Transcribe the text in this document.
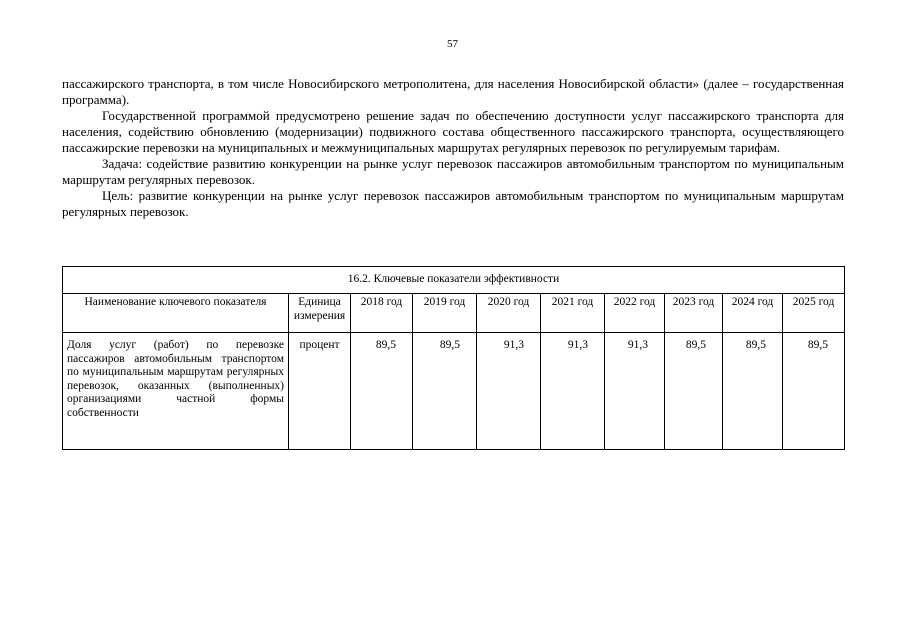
57

пассажирского транспорта, в том числе Новосибирского метрополитена, для населения Новосибирской области» (далее – государственная программа).

Государственной программой предусмотрено решение задач по обеспечению доступности услуг пассажирского транспорта для населения, содействию обновлению (модернизации) подвижного состава общественного пассажирского транспорта, осуществляющего пассажирские перевозки на муниципальных и межмуниципальных маршрутах регулярных перевозок по регулируемым тарифам.

Задача: содействие развитию конкуренции на рынке услуг перевозок пассажиров автомобильным транспортом по муниципальным маршрутам регулярных перевозок.

Цель: развитие конкуренции на рынке услуг перевозок пассажиров автомобильным транспортом по муниципальным маршрутам регулярных перевозок.

16.2. Ключевые показатели эффективности									
Наименование ключевого показателя	Единица измерения	2018 год	2019 год	2020 год	2021 год	2022 год	2023 год	2024 год	2025 год
Доля услуг (работ) по перевозке пассажиров автомобильным транспортом по муниципальным маршрутам регулярных перевозок, оказанных (выполненных) организациями частной формы собственности	процент	89,5	89,5	91,3	91,3	91,3	89,5	89,5	89,5
